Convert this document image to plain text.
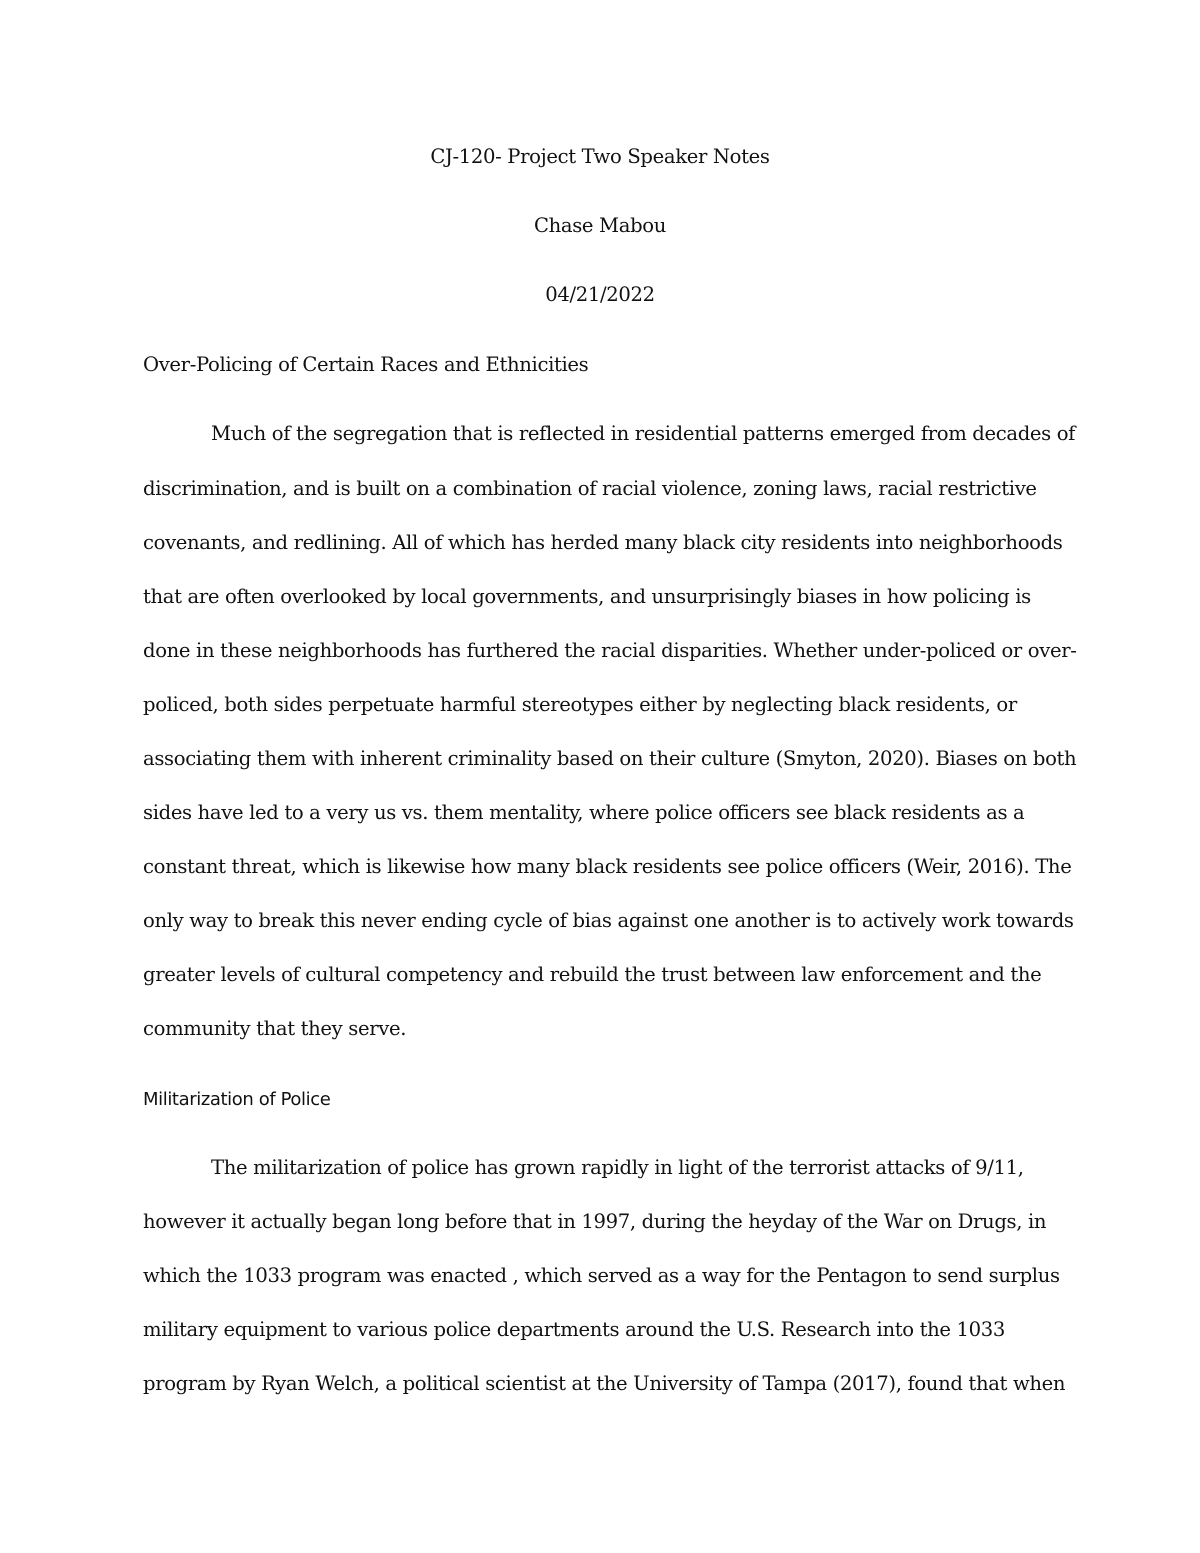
CJ-120- Project Two Speaker Notes
Chase Mabou
04/21/2022
Over-Policing of Certain Races and Ethnicities
Much of the segregation that is reflected in residential patterns emerged from decades of
discrimination, and is built on a combination of racial violence, zoning laws, racial restrictive
covenants, and redlining. All of which has herded many black city residents into neighborhoods
that are often overlooked by local governments, and unsurprisingly biases in how policing is
done in these neighborhoods has furthered the racial disparities. Whether under-policed or over-
policed, both sides perpetuate harmful stereotypes either by neglecting black residents, or
associating them with inherent criminality based on their culture (Smyton, 2020). Biases on both
sides have led to a very us vs. them mentality, where police officers see black residents as a
constant threat, which is likewise how many black residents see police officers (Weir, 2016). The
only way to break this never ending cycle of bias against one another is to actively work towards
greater levels of cultural competency and rebuild the trust between law enforcement and the
community that they serve.
Militarization of Police
The militarization of police has grown rapidly in light of the terrorist attacks of 9/11,
however it actually began long before that in 1997, during the heyday of the War on Drugs, in
which the 1033 program was enacted , which served as a way for the Pentagon to send surplus
military equipment to various police departments around the U.S. Research into the 1033
program by Ryan Welch, a political scientist at the University of Tampa (2017), found that when
